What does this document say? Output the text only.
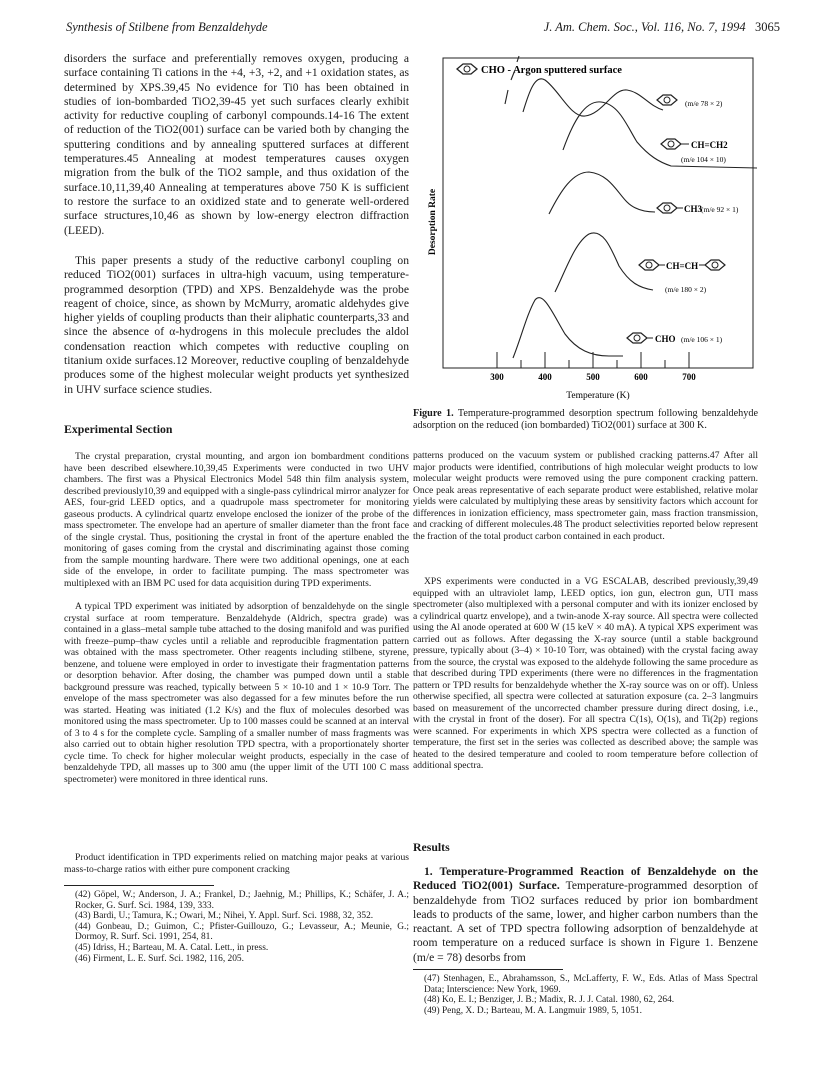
Synthesis of Stilbene from Benzaldehyde	J. Am. Chem. Soc., Vol. 116, No. 7, 1994 3065

disorders the surface and preferentially removes oxygen, producing a surface containing Ti cations in the +4, +3, +2, and +1 oxidation states, as determined by XPS.39,45 No evidence for Ti0 has been obtained in studies of ion-bombarded TiO2,39-45 yet such surfaces clearly exhibit activity for reductive coupling of carbonyl compounds.14-16 The extent of reduction of the TiO2(001) surface can be varied both by changing the sputtering conditions and by annealing sputtered surfaces at different temperatures.45 Annealing at modest temperatures causes oxygen migration from the bulk of the TiO2 sample, and thus oxidation of the surface.10,11,39,40 Annealing at temperatures above 750 K is sufficient to restore the surface to an oxidized state and to generate well-ordered surface structures,10,46 as shown by low-energy electron diffraction (LEED).

This paper presents a study of the reductive carbonyl coupling on reduced TiO2(001) surfaces in ultra-high vacuum, using temperature-programmed desorption (TPD) and XPS. Benzaldehyde was the probe reagent of choice, since, as shown by McMurry, aromatic aldehydes give higher yields of coupling products than their aliphatic counterparts,33 and since the absence of α-hydrogens in this molecule precludes the aldol condensation reaction which competes with reductive coupling on titanium oxide surfaces.12 Moreover, reductive coupling of benzaldehyde produces some of the highest molecular weight products yet synthesized in UHV surface science studies.

Experimental Section

The crystal preparation, crystal mounting, and argon ion bombardment conditions have been described elsewhere.10,39,45 Experiments were conducted in two UHV chambers. The first was a Physical Electronics Model 548 thin film analysis system, described previously10,39 and equipped with a single-pass cylindrical mirror analyzer for AES, four-grid LEED optics, and a quadrupole mass spectrometer for monitoring gaseous products. A cylindrical quartz envelope enclosed the ionizer of the probe of the mass spectrometer. The envelope had an aperture of smaller diameter than the front face of the single crystal. Thus, positioning the crystal in front of the aperture enabled the monitoring of gases coming from the crystal and discriminating against those coming from the sample mounting hardware. There were two additional openings, one at each side of the envelope, in order to facilitate pumping. The mass spectrometer was multiplexed with an IBM PC used for data acquisition during TPD experiments.

A typical TPD experiment was initiated by adsorption of benzaldehyde on the single crystal surface at room temperature. Benzaldehyde (Aldrich, spectra grade) was contained in a glass–metal sample tube attached to the dosing manifold and was purified with freeze–pump–thaw cycles until a reliable and reproducible fragmentation pattern was obtained with the mass spectrometer. Other reagents including stilbene, styrene, benzene, and toluene were employed in order to investigate their fragmentation patterns or desorption behavior. After dosing, the chamber was pumped down until a stable background pressure was reached, typically between 5 × 10-10 and 1 × 10-9 Torr. The envelope of the mass spectrometer was also degassed for a few minutes before the run was started. Heating was initiated (1.2 K/s) and the flux of molecules desorbed was monitored using the mass spectrometer. Up to 100 masses could be scanned at an interval of 3 to 4 s for the complete cycle. Sampling of a smaller number of mass fragments was also carried out to obtain higher resolution TPD spectra, with a proportionately shorter cycle time. To check for higher molecular weight products, especially in the case of benzaldehyde TPD, all masses up to 300 amu (the upper limit of the UTI 100 C mass spectrometer) were monitored in three identical runs.

Product identification in TPD experiments relied on matching major peaks at various mass-to-charge ratios with either pure component cracking

(42) Göpel, W.; Anderson, J. A.; Frankel, D.; Jaehnig, M.; Phillips, K.; Schäfer, J. A.; Rocker, G. Surf. Sci. 1984, 139, 333.
(43) Bardi, U.; Tamura, K.; Owari, M.; Nihei, Y. Appl. Surf. Sci. 1988, 32, 352.
(44) Gonbeau, D.; Guimon, C.; Pfister-Guillouzo, G.; Levasseur, A.; Meunie, G.; Dormoy, R. Surf. Sci. 1991, 254, 81.
(45) Idriss, H.; Barteau, M. A. Catal. Lett., in press.
(46) Firment, L. E. Surf. Sci. 1982, 116, 205.
CHO - Argon sputtered surface
Desorption Rate
(m/e 78 × 2)
CH=CH2
(m/e 104 × 10)
CH3 (m/e 92 × 1)
CH=CH
(m/e 180 × 2)
CHO (m/e 106 × 1)
300	400	500	600	700
Temperature (K)

Figure 1. Temperature-programmed desorption spectrum following benzaldehyde adsorption on the reduced (ion bombarded) TiO2(001) surface at 300 K.

patterns produced on the vacuum system or published cracking patterns.47 After all major products were identified, contributions of high molecular weight products to low molecular weight products were removed using the pure component cracking pattern. Once peak areas representative of each separate product were established, relative molar yields were calculated by multiplying these areas by sensitivity factors which account for differences in ionization efficiency, mass spectrometer gain, mass fraction transmission, and cracking of different molecules.48 The product selectivities reported below represent the fraction of the total product carbon contained in each product.

XPS experiments were conducted in a VG ESCALAB, described previously,39,49 equipped with an ultraviolet lamp, LEED optics, ion gun, electron gun, UTI mass spectrometer (also multiplexed with a personal computer and with its ionizer enclosed by a cylindrical quartz envelope), and a twin-anode X-ray source. All spectra were collected using the Al anode operated at 600 W (15 keV × 40 mA). A typical XPS experiment was carried out as follows. After degassing the X-ray source (until a stable background pressure, typically about (3–4) × 10-10 Torr, was obtained) with the crystal facing away from the source, the crystal was exposed to the aldehyde following the same procedure as that described during TPD experiments (there were no differences in the fragmentation pattern or TPD results for benzaldehyde whether the X-ray source was on or off). Unless otherwise specified, all spectra were collected at saturation exposure (ca. 2–3 langmuirs based on measurement of the uncorrected chamber pressure during direct dosing, i.e., with the crystal in front of the doser). For all spectra C(1s), O(1s), and Ti(2p) regions were scanned. For experiments in which XPS spectra were collected as a function of temperature, the first set in the series was collected as described above; the sample was heated to the desired temperature and cooled to room temperature before collection of additional spectra.

Results

1. Temperature-Programmed Reaction of Benzaldehyde on the Reduced TiO2(001) Surface. Temperature-programmed desorption of benzaldehyde from TiO2 surfaces reduced by prior ion bombardment leads to products of the same, lower, and higher carbon numbers than the reactant. A set of TPD spectra following adsorption of benzaldehyde at room temperature on a reduced surface is shown in Figure 1. Benzene (m/e = 78) desorbs from

(47) Stenhagen, E., Abrahamsson, S., McLafferty, F. W., Eds. Atlas of Mass Spectral Data; Interscience: New York, 1969.
(48) Ko, E. I.; Benziger, J. B.; Madix, R. J. J. Catal. 1980, 62, 264.
(49) Peng, X. D.; Barteau, M. A. Langmuir 1989, 5, 1051.
